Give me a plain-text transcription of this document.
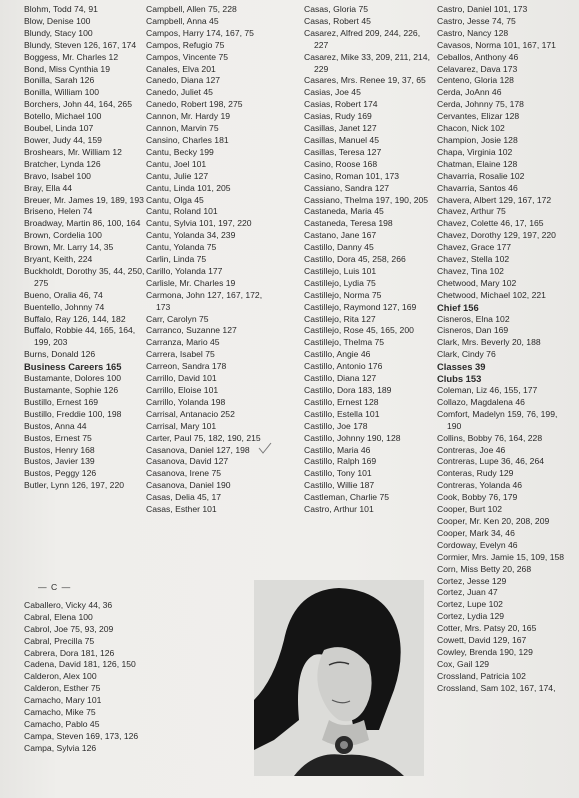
Blohm, Todd 74, 91
Blow, Denise 100
Blundy, Stacy 100
Blundy, Steven 126, 167, 174
Boggess, Mr. Charles 12
Bond, Miss Cynthia 19
Bonilla, Sarah 126
Bonilla, William 100
Borchers, John 44, 164, 265
Botello, Michael 100
Boubel, Linda 107
Bower, Judy 44, 159
Broshears, Mr. William 12
Bratcher, Lynda 126
Bravo, Isabel 100
Bray, Ella 44
Breuer, Mr. James 19, 189, 193
Briseno, Helen 74
Broadway, Martin 86, 100, 164
Brown, Cordelia 100
Brown, Mr. Larry 14, 35
Bryant, Keith, 224
Buckholdt, Dorothy 35, 44, 250,
275
Bueno, Oralia 46, 74
Buentello, Johnny 74
Buffalo, Ray 126, 144, 182
Buffalo, Robbie 44, 165, 164,
199, 203
Burns, Donald 126
Business Careers 165
Bustamante, Dolores 100
Bustamante, Sophie 126
Bustillo, Ernest 169
Bustillo, Freddie 100, 198
Bustos, Anna 44
Bustos, Ernest 75
Bustos, Henry 168
Bustos, Javier 139
Bustos, Peggy 126
Butler, Lynn 126, 197, 220
— C —
Caballero, Vicky 44, 36
Cabral, Elena 100
Cabrol, Joe 75, 93, 209
Cabral, Precilla 75
Cabrera, Dora 181, 126
Cadena, David 181, 126, 150
Calderon, Alex 100
Calderon, Esther 75
Camacho, Mary 101
Camacho, Mike 75
Camacho, Pablo 45
Campa, Steven 169, 173, 126
Campa, Sylvia 126
Campbell, Allen 75, 228
Campbell, Anna 45
Campos, Harry 174, 167, 75
Campos, Refugio 75
Campos, Vincente 75
Canales, Elva 201
Canedo, Diana 127
Canedo, Juliet 45
Canedo, Robert 198, 275
Cannon, Mr. Hardy 19
Cannon, Marvin 75
Cansino, Charles 181
Cantu, Becky 199
Cantu, Joel 101
Cantu, Julie 127
Cantu, Linda 101, 205
Cantu, Olga 45
Cantu, Roland 101
Cantu, Sylvia 101, 197, 220
Cantu, Yolanda 34, 239
Cantu, Yolanda 75
Carlin, Linda 75
Carillo, Yolanda 177
Carlisle, Mr. Charles 19
Carmona, John 127, 167, 172,
173
Carr, Carolyn 75
Carranco, Suzanne 127
Carranza, Mario 45
Carrera, Isabel 75
Carreon, Sandra 178
Carrillo, David 101
Carrillo, Eloise 101
Carrillo, Yolanda 198
Carrisal, Antanacio 252
Carrisal, Mary 101
Carter, Paul 75, 182, 190, 215
Casanova, Daniel 127, 198
Casanova, David 127
Casanova, Irene 75
Casanova, Daniel 190
Casas, Delia 45, 17
Casas, Esther 101
Casas, Gloria 75
Casas, Robert 45
Casarez, Alfred 209, 244, 226,
227
Casarez, Mike 33, 209, 211, 214,
229
Casares, Mrs. Renee 19, 37, 65
Casias, Joe 45
Casias, Robert 174
Casias, Rudy 169
Casillas, Janet 127
Casillas, Manuel 45
Casillas, Teresa 127
Casino, Roose 168
Casino, Roman 101, 173
Cassiano, Sandra 127
Cassiano, Thelma 197, 190, 205
Castaneda, Maria 45
Castaneda, Teresa 198
Castano, Jane 167
Castillo, Danny 45
Castillo, Dora 45, 258, 266
Castillejo, Luis 101
Castillejo, Lydia 75
Castillejo, Norma 75
Castillejo, Raymond 127, 169
Castillejo, Rita 127
Castillejo, Rose 45, 165, 200
Castillejo, Thelma 75
Castillo, Angie 46
Castillo, Antonio 176
Castillo, Diana 127
Castillo, Dora 183, 189
Castillo, Ernest 128
Castillo, Estella 101
Castillo, Joe 178
Castillo, Johnny 190, 128
Castillo, Maria 46
Castillo, Ralph 169
Castillo, Tony 101
Castillo, Willie 187
Castleman, Charlie 75
Castro, Arthur 101
Castro, Daniel 101, 173
Castro, Jesse 74, 75
Castro, Nancy 128
Cavasos, Norma 101, 167, 171
Ceballos, Anthony 46
Celavarez, Dava 173
Centeno, Gloria 128
Cerda, JoAnn 46
Cerda, Johnny 75, 178
Cervantes, Elizar 128
Chacon, Nick 102
Champion, Josie 128
Chapa, Virginia 102
Chatman, Elaine 128
Chavarria, Rosalie 102
Chavarria, Santos 46
Chavera, Albert 129, 167, 172
Chavez, Arthur 75
Chavez, Colette 46, 17, 165
Chavez, Dorothy 129, 197, 220
Chavez, Grace 177
Chavez, Stella 102
Chavez, Tina 102
Chetwood, Mary 102
Chetwood, Michael 102, 221
Chief 156
Cisneros, Elna 102
Cisneros, Dan 169
Clark, Mrs. Beverly 20, 188
Clark, Cindy 76
Classes 39
Clubs 153
Coleman, Liz 46, 155, 177
Collazo, Magdalena 46
Comfort, Madelyn 159, 76, 199,
190
Collins, Bobby 76, 164, 228
Contreras, Joe 46
Contreras, Lupe 36, 46, 264
Conteras, Rudy 129
Contreras, Yolanda 46
Cook, Bobby 76, 179
Cooper, Burt 102
Cooper, Mr. Ken 20, 208, 209
Cooper, Mark 34, 46
Cordoway, Evelyn 46
Cormier, Mrs. Jamie 15, 109, 158
Corn, Miss Betty 20, 268
Cortez, Jesse 129
Cortez, Juan 47
Cortez, Lupe 102
Cortez, Lydia 129
Cotter, Mrs. Patsy 20, 165
Cowett, David 129, 167
Cowley, Brenda 190, 129
Cox, Gail 129
Crossland, Patricia 102
Crossland, Sam 102, 167, 174,
